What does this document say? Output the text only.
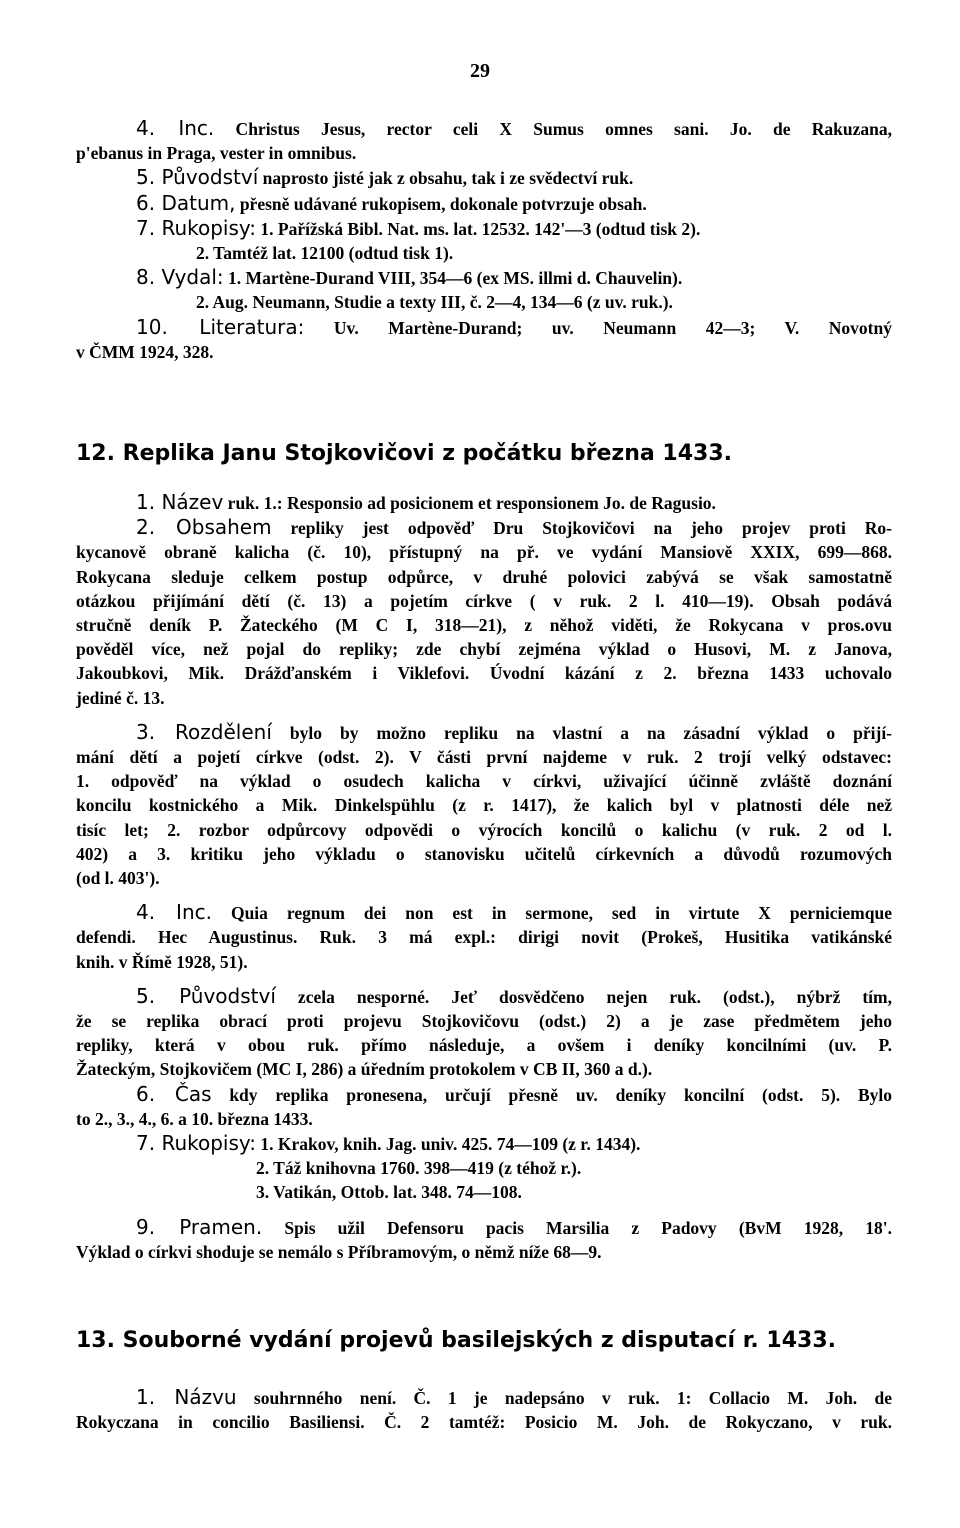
29
4. Inc. Christus Jesus, rector celi X Sumus omnes sani. Jo. de Rakuzana,
p'ebanus in Praga, vester in omnibus.
5. Původství naprosto jisté jak z obsahu, tak i ze svědectví ruk.
6. Datum, přesně udávané rukopisem, dokonale potvrzuje obsah.
7. Rukopisy: 1. Pařížská Bibl. Nat. ms. lat. 12532. 142'—3 (odtud tisk 2).
2. Tamtéž lat. 12100 (odtud tisk 1).
8. Vydal: 1. Martène-Durand VIII, 354—6 (ex MS. illmi d. Chauvelin).
2. Aug. Neumann, Studie a texty III, č. 2—4, 134—6 (z uv. ruk.).
10. Literatura: Uv. Martène-Durand; uv. Neumann 42—3; V. Novotný
v ČMM 1924, 328.
12. Replika Janu Stojkovičovi z počátku března 1433.
1. Název ruk. 1.: Responsio ad posicionem et responsionem Jo. de Ragusio.
2. Obsahem repliky jest odpověď Dru Stojkovičovi na jeho projev proti Ro-
kycanově obraně kalicha (č. 10), přístupný na př. ve vydání Mansiově XXIX, 699—868.
Rokycana sleduje celkem postup odpůrce, v druhé polovici zabývá se však samostatně
otázkou přijímání dětí (č. 13) a pojetím církve ( v ruk. 2 l. 410—19). Obsah podává
stručně deník P. Žateckého (M C I, 318—21), z něhož viděti, že Rokycana v pros.ovu
pověděl více, než pojal do repliky; zde chybí zejména výklad o Husovi, M. z Janova,
Jakoubkovi, Mik. Drážďanském i Viklefovi. Úvodní kázání z 2. března 1433 uchovalo
jediné č. 13.
3. Rozdělení bylo by možno repliku na vlastní a na zásadní výklad o přijí-
mání dětí a pojetí církve (odst. 2). V části první najdeme v ruk. 2 trojí velký odstavec:
1. odpověď na výklad o osudech kalicha v církvi, uživající účinně zvláště doznání
koncilu kostnického a Mik. Dinkelspühlu (z r. 1417), že kalich byl v platnosti déle než
tisíc let; 2. rozbor odpůrcovy odpovědi o výrocích koncilů o kalichu (v ruk. 2 od l.
402) a 3. kritiku jeho výkladu o stanovisku učitelů církevních a důvodů rozumových
(od l. 403').
4. Inc. Quia regnum dei non est in sermone, sed in virtute X perniciemque
defendi. Hec Augustinus. Ruk. 3 má expl.: dirigi novit (Prokeš, Husitika vatikánské
knih. v Římě 1928, 51).
5. Původství zcela nesporné. Jeť dosvědčeno nejen ruk. (odst.), nýbrž tím,
že se replika obrací proti projevu Stojkovičovu (odst.) 2) a je zase předmětem jeho
repliky, která v obou ruk. přímo následuje, a ovšem i deníky koncilními (uv. P.
Žateckým, Stojkovičem (MC I, 286) a úředním protokolem v CB II, 360 a d.).
6. Čas kdy replika pronesena, určují přesně uv. deníky koncilní (odst. 5). Bylo
to 2., 3., 4., 6. a 10. března 1433.
7. Rukopisy: 1. Krakov, knih. Jag. univ. 425. 74—109 (z r. 1434).
2. Táž knihovna 1760. 398—419 (z téhož r.).
3. Vatikán, Ottob. lat. 348. 74—108.
9. Pramen. Spis užil Defensoru pacis Marsilia z Padovy (BvM 1928, 18'.
Výklad o církvi shoduje se nemálo s Příbramovým, o němž níže 68—9.
13. Souborné vydání projevů basilejských z disputací r. 1433.
1. Názvu souhrnného není. Č. 1 je nadepsáno v ruk. 1: Collacio M. Joh. de
Rokyczana in concilio Basiliensi. Č. 2 tamtéž: Posicio M. Joh. de Rokyczano, v ruk.
